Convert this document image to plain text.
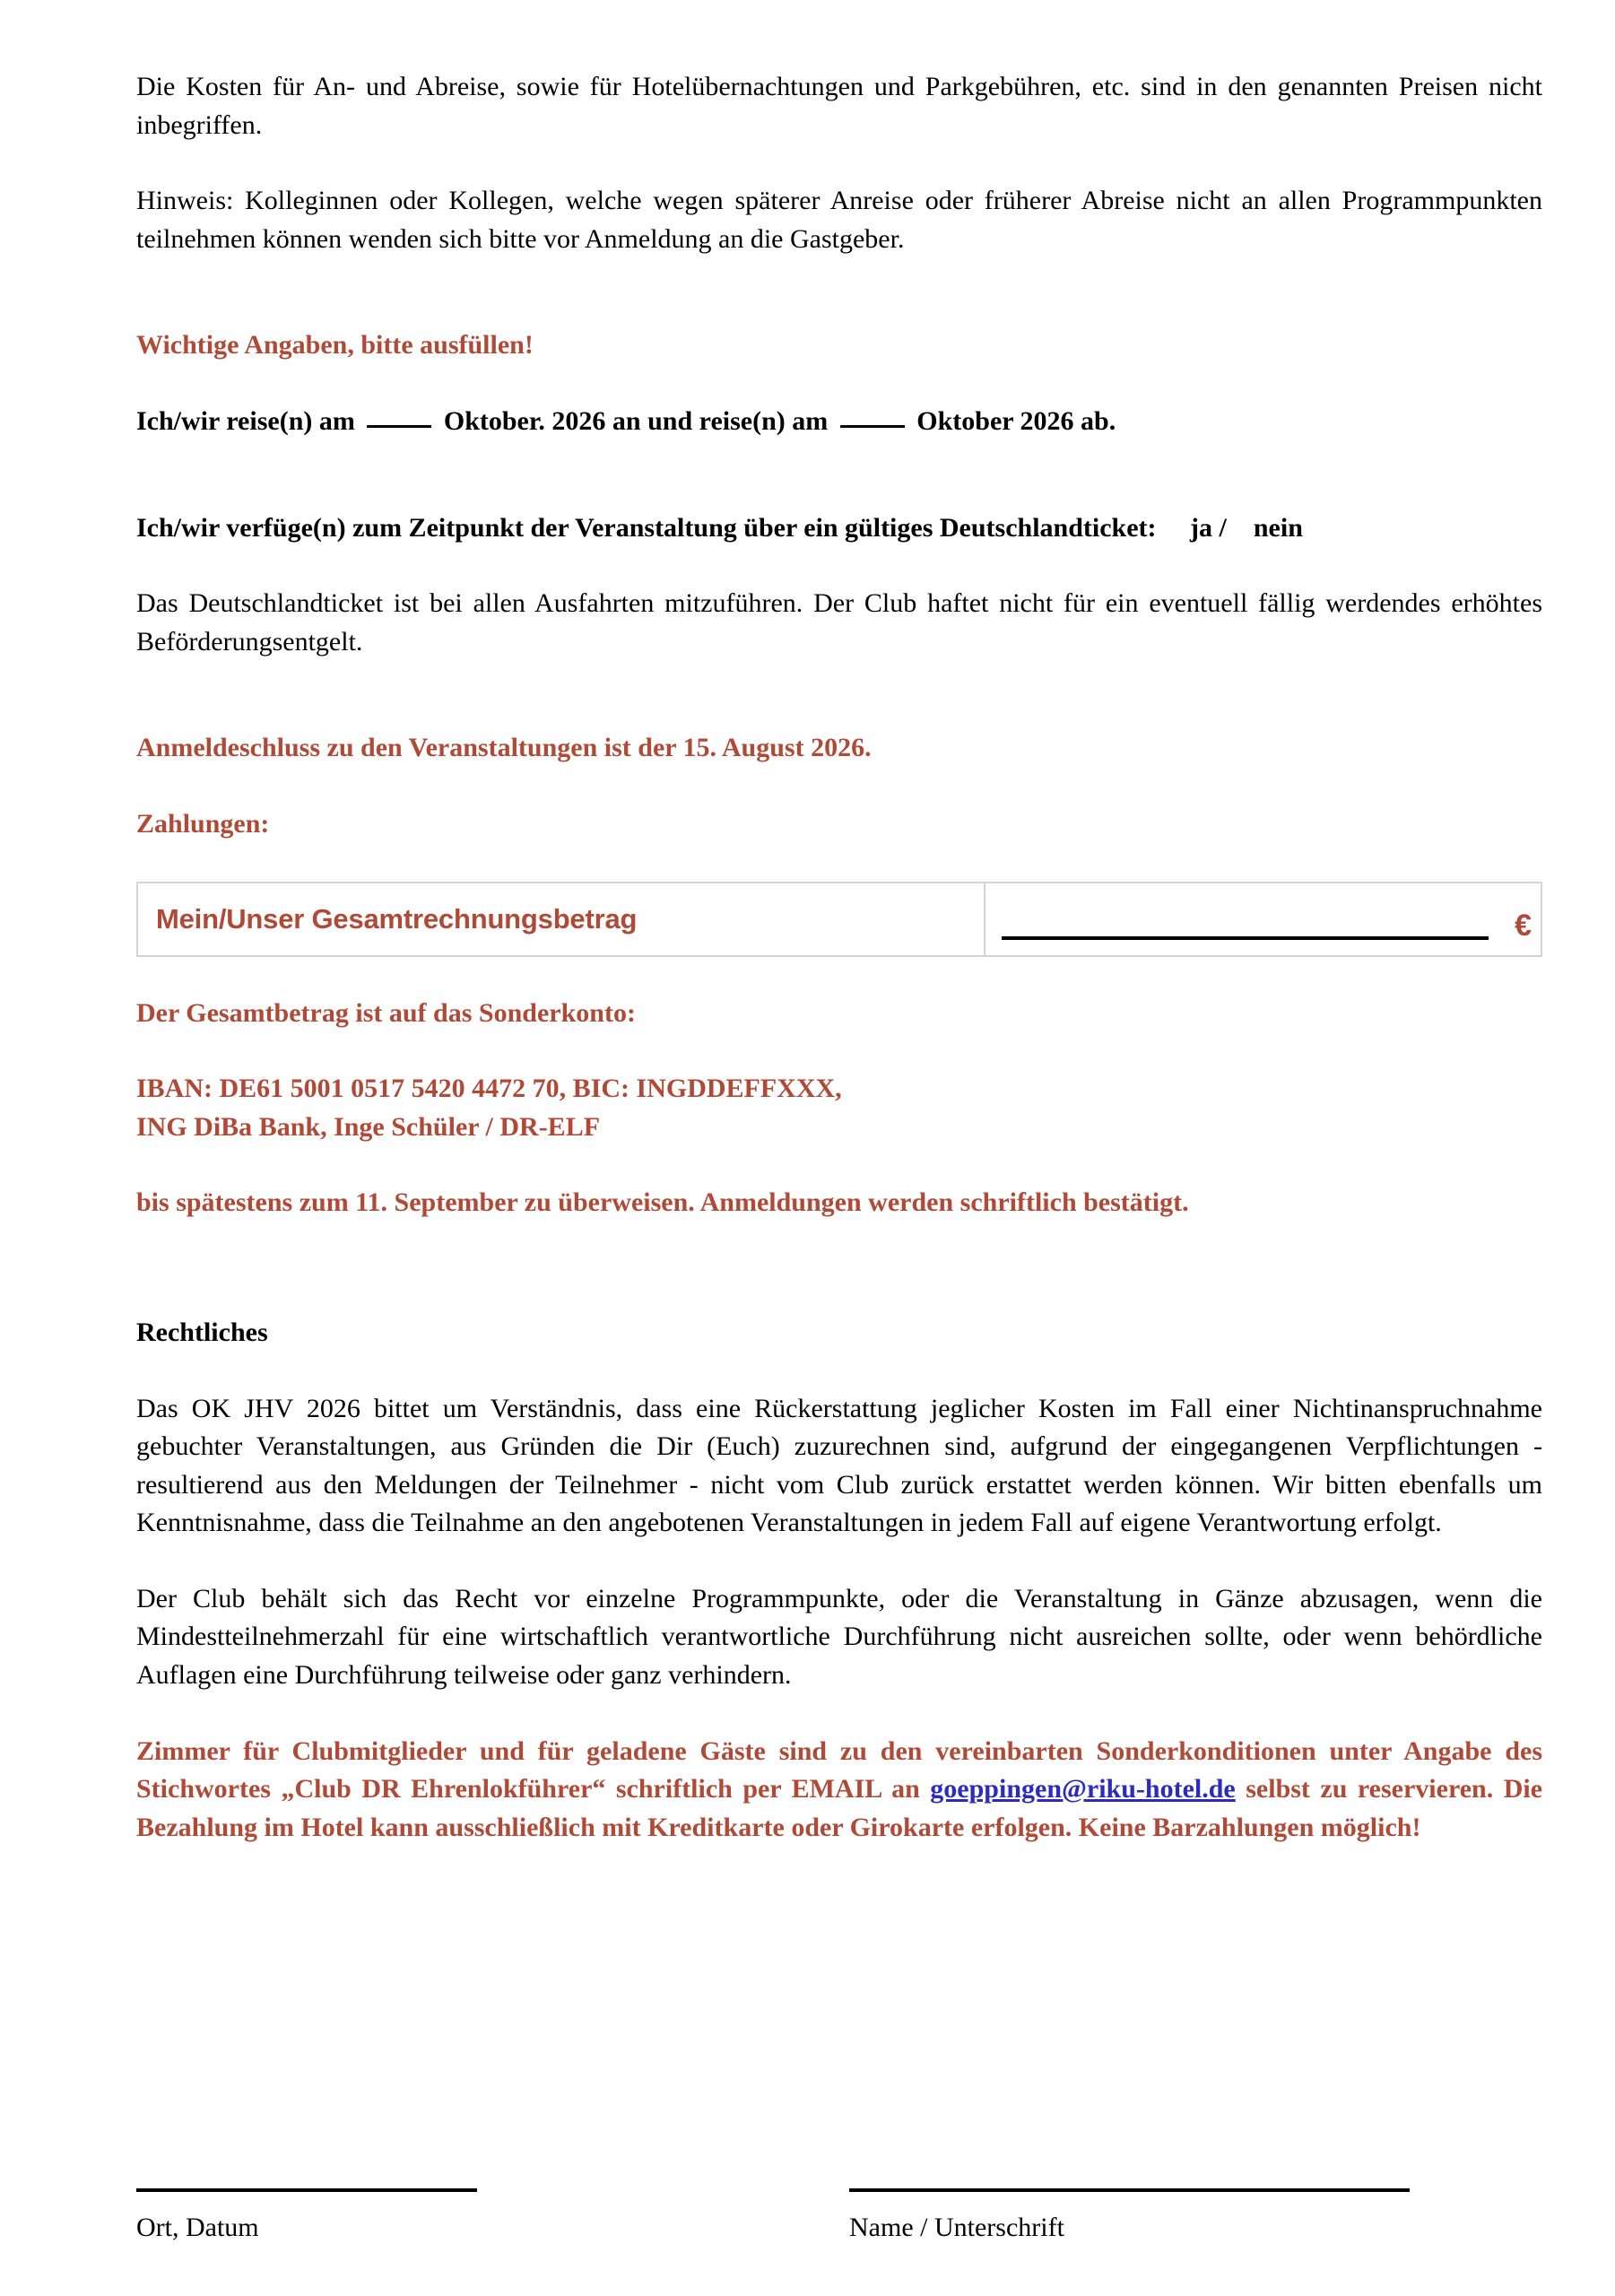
Die Kosten für An- und Abreise, sowie für Hotelübernachtungen und Parkgebühren, etc. sind in den genannten Preisen nicht inbegriffen.

Hinweis: Kolleginnen oder Kollegen, welche wegen späterer Anreise oder früherer Abreise nicht an allen Programmpunkten teilnehmen können wenden sich bitte vor Anmeldung an die Gastgeber.

Wichtige Angaben, bitte ausfüllen!

Ich/wir reise(n) am	Oktober. 2026 an und reise(n) am	Oktober 2026 ab.

Ich/wir verfüge(n) zum Zeitpunkt der Veranstaltung über ein gültiges Deutschlandticket: ja / nein

Das Deutschlandticket ist bei allen Ausfahrten mitzuführen. Der Club haftet nicht für ein eventuell fällig werdendes erhöhtes Beförderungsentgelt.

Anmeldeschluss zu den Veranstaltungen ist der 15. August 2026.

Zahlungen:

Mein/Unser Gesamtrechnungsbetrag	€

Der Gesamtbetrag ist auf das Sonderkonto:

IBAN: DE61 5001 0517 5420 4472 70, BIC: INGDDEFFXXX,

ING DiBa Bank, Inge Schüler / DR-ELF

bis spätestens zum 11. September zu überweisen. Anmeldungen werden schriftlich bestätigt.

Rechtliches

Das OK JHV 2026 bittet um Verständnis, dass eine Rückerstattung jeglicher Kosten im Fall einer Nichtinanspruchnahme gebuchter Veranstaltungen, aus Gründen die Dir (Euch) zuzurechnen sind, aufgrund der eingegangenen Verpflichtungen - resultierend aus den Meldungen der Teilnehmer - nicht vom Club zurück erstattet werden können. Wir bitten ebenfalls um Kenntnisnahme, dass die Teilnahme an den angebotenen Veranstaltungen in jedem Fall auf eigene Verantwortung erfolgt.

Der Club behält sich das Recht vor einzelne Programmpunkte, oder die Veranstaltung in Gänze abzusagen, wenn die Mindestteilnehmerzahl für eine wirtschaftlich verantwortliche Durchführung nicht ausreichen sollte, oder wenn behördliche Auflagen eine Durchführung teilweise oder ganz verhindern.

Zimmer für Clubmitglieder und für geladene Gäste sind zu den vereinbarten Sonderkonditionen unter Angabe des Stichwortes „Club DR Ehrenlokführer“ schriftlich per EMAIL an goeppingen@riku-hotel.de selbst zu reservieren. Die Bezahlung im Hotel kann ausschließlich mit Kreditkarte oder Girokarte erfolgen. Keine Barzahlungen möglich!

Ort, Datum	Name / Unterschrift
